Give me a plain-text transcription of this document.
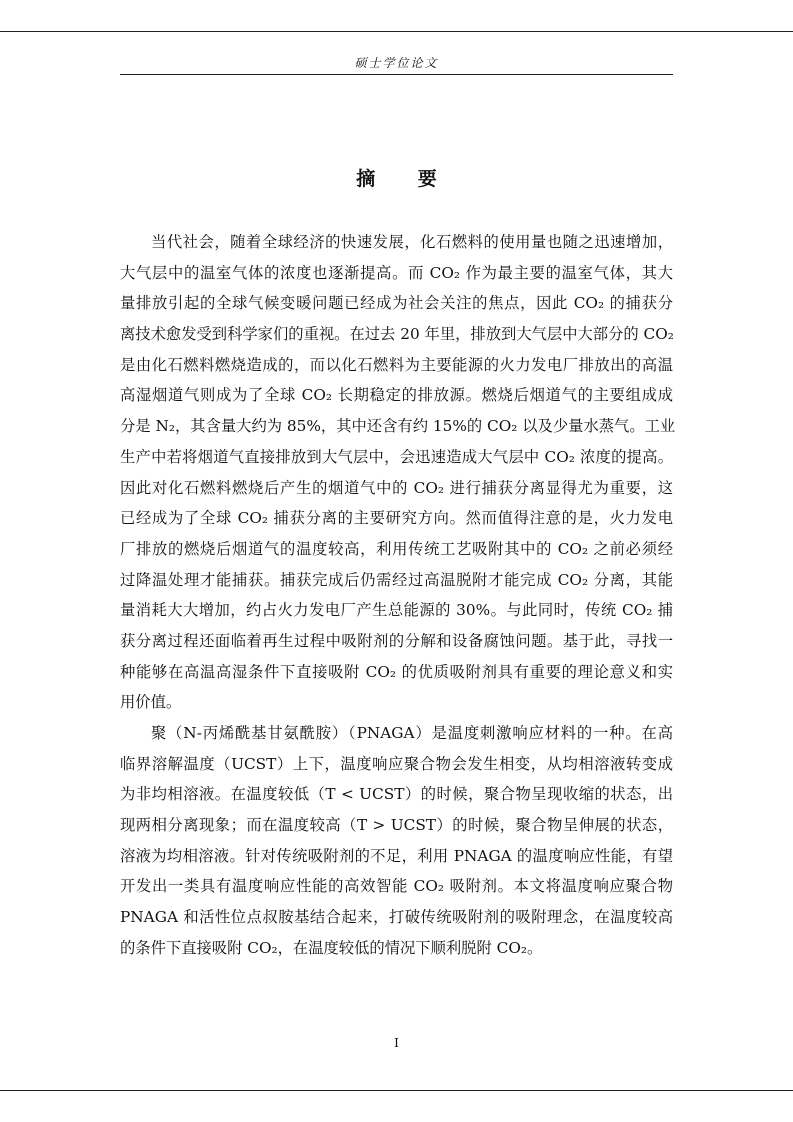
硕士学位论文
摘 要

当代社会，随着全球经济的快速发展，化石燃料的使用量也随之迅速增加，
大气层中的温室气体的浓度也逐渐提高。而 CO₂ 作为最主要的温室气体，其大
量排放引起的全球气候变暖问题已经成为社会关注的焦点，因此 CO₂ 的捕获分
离技术愈发受到科学家们的重视。在过去 20 年里，排放到大气层中大部分的 CO₂
是由化石燃料燃烧造成的，而以化石燃料为主要能源的火力发电厂排放出的高温
高湿烟道气则成为了全球 CO₂ 长期稳定的排放源。燃烧后烟道气的主要组成成
分是 N₂，其含量大约为 85%，其中还含有约 15%的 CO₂ 以及少量水蒸气。工业
生产中若将烟道气直接排放到大气层中，会迅速造成大气层中 CO₂ 浓度的提高。
因此对化石燃料燃烧后产生的烟道气中的 CO₂ 进行捕获分离显得尤为重要，这
已经成为了全球 CO₂ 捕获分离的主要研究方向。然而值得注意的是，火力发电
厂排放的燃烧后烟道气的温度较高，利用传统工艺吸附其中的 CO₂ 之前必须经
过降温处理才能捕获。捕获完成后仍需经过高温脱附才能完成 CO₂ 分离，其能
量消耗大大增加，约占火力发电厂产生总能源的 30%。与此同时，传统 CO₂ 捕
获分离过程还面临着再生过程中吸附剂的分解和设备腐蚀问题。基于此，寻找一
种能够在高温高湿条件下直接吸附 CO₂ 的优质吸附剂具有重要的理论意义和实
用价值。

聚（N-丙烯酰基甘氨酰胺）（PNAGA）是温度刺激响应材料的一种。在高
临界溶解温度（UCST）上下，温度响应聚合物会发生相变，从均相溶液转变成
为非均相溶液。在温度较低（T < UCST）的时候，聚合物呈现收缩的状态，出
现两相分离现象；而在温度较高（T > UCST）的时候，聚合物呈伸展的状态，
溶液为均相溶液。针对传统吸附剂的不足，利用 PNAGA 的温度响应性能，有望
开发出一类具有温度响应性能的高效智能 CO₂ 吸附剂。本文将温度响应聚合物
PNAGA 和活性位点叔胺基结合起来，打破传统吸附剂的吸附理念，在温度较高
的条件下直接吸附 CO₂，在温度较低的情况下顺利脱附 CO₂。

I
